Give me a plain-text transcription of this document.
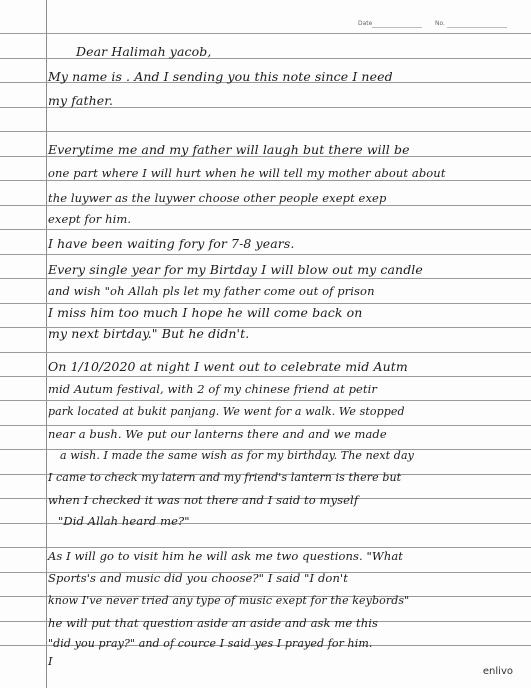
Date	No.
Dear Halimah yacob,
My name is . And I sending you this note since I need
my father.
Everytime me and my father will laugh but there will be
one part where I will hurt when he will tell my mother about about
the luywer as the luywer choose other people exept exep
exept for him.
I have been waiting fory for 7-8 years.
Every single year for my Birtday I will blow out my candle
and wish "oh Allah pls let my father come out of prison
I miss him too much I hope he will come back on
my next birtday." But he didn't.
On 1/10/2020 at night I went out to celebrate mid Autm
mid Autum festival, with 2 of my chinese friend at petir
park located at bukit panjang. We went for a walk. We stopped
near a bush. We put our lanterns there and and we made
a wish. I made the same wish as for my birthday. The next day
I came to check my latern and my friend's lantern is there but
when I checked it was not there and I said to myself
"Did Allah heard me?"
As I will go to visit him he will ask me two questions. "What
Sports's and music did you choose?" I said "I don't
know I've never tried any type of music exept for the keybords"
he will put that question aside an aside and ask me this
"did you pray?" and of cource I said yes I prayed for him.
I
enlivo
